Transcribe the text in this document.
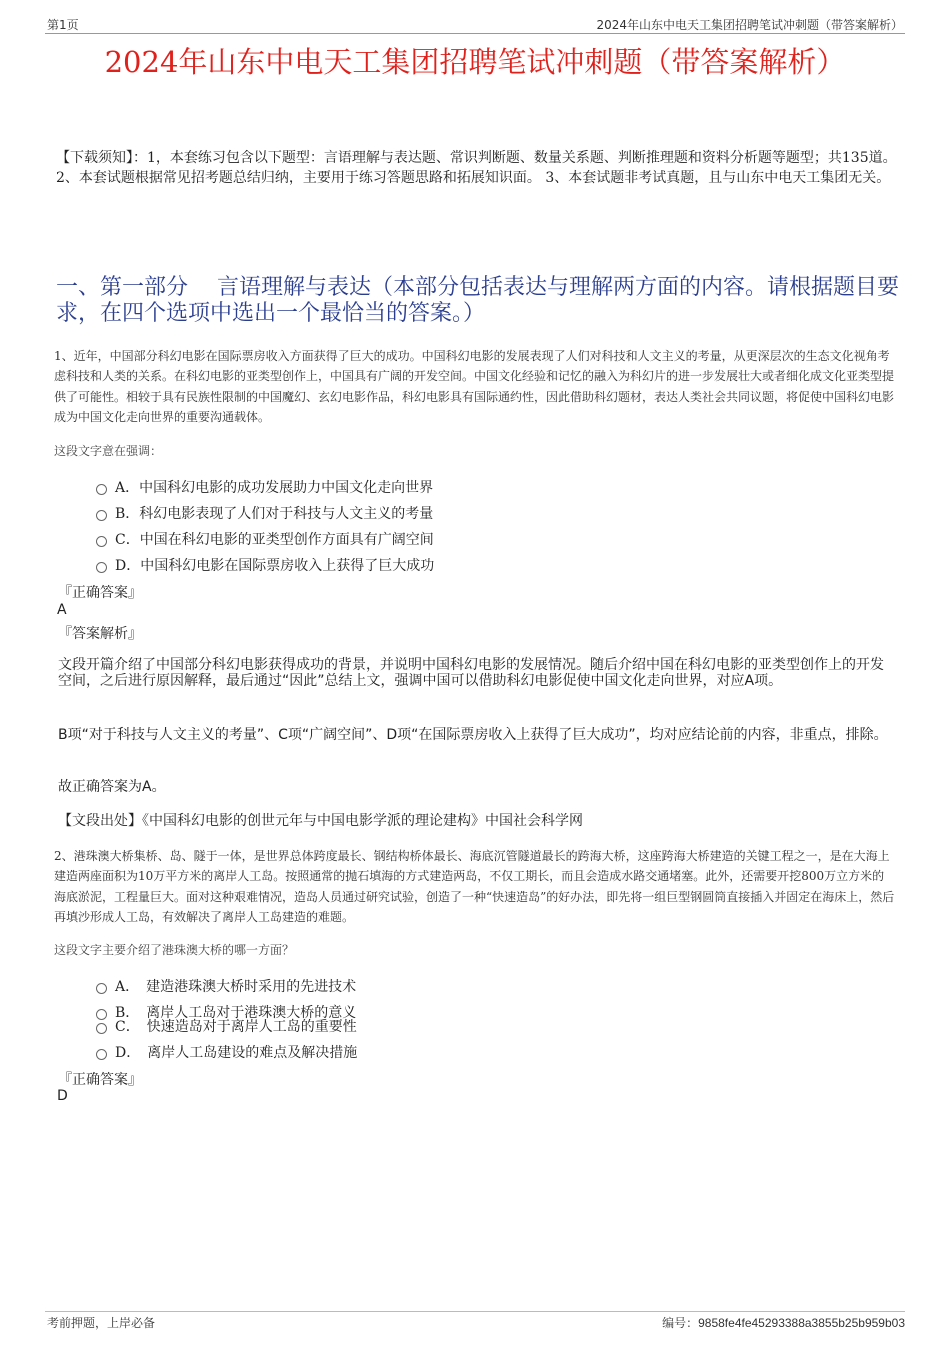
第1页	2024年山东中电天工集团招聘笔试冲刺题（带答案解析）
2024年山东中电天工集团招聘笔试冲刺题（带答案解析）
【下载须知】：1，本套练习包含以下题型：言语理解与表达题、常识判断题、数量关系题、判断推理题和资料分析题等题型；共135道。 2、本套试题根据常见招考题总结归纳，主要用于练习答题思路和拓展知识面。 3、本套试题非考试真题，且与山东中电天工集团无关。
一、第一部分　 言语理解与表达（本部分包括表达与理解两方面的内容。请根据题目要求，在四个选项中选出一个最恰当的答案。）
1、近年，中国部分科幻电影在国际票房收入方面获得了巨大的成功。中国科幻电影的发展表现了人们对科技和人文主义的考量，从更深层次的生态文化视角考虑科技和人类的关系。在科幻电影的亚类型创作上，中国具有广阔的开发空间。中国文化经验和记忆的融入为科幻片的进一步发展壮大或者细化成文化亚类型提供了可能性。相较于具有民族性限制的中国魔幻、玄幻电影作品，科幻电影具有国际通约性，因此借助科幻题材，表达人类社会共同议题，将促使中国科幻电影成为中国文化走向世界的重要沟通载体。
这段文字意在强调：
A．中国科幻电影的成功发展助力中国文化走向世界
B．科幻电影表现了人们对于科技与人文主义的考量
C．中国在科幻电影的亚类型创作方面具有广阔空间
D．中国科幻电影在国际票房收入上获得了巨大成功
『正确答案』
A
『答案解析』
文段开篇介绍了中国部分科幻电影获得成功的背景，并说明中国科幻电影的发展情况。随后介绍中国在科幻电影的亚类型创作上的开发空间，之后进行原因解释，最后通过“因此”总结上文，强调中国可以借助科幻电影促使中国文化走向世界，对应A项。
B项“对于科技与人文主义的考量”、C项“广阔空间”、D项“在国际票房收入上获得了巨大成功”，均对应结论前的内容，非重点，排除。
故正确答案为A。
【文段出处】《中国科幻电影的创世元年与中国电影学派的理论建构》中国社会科学网
2、港珠澳大桥集桥、岛、隧于一体，是世界总体跨度最长、钢结构桥体最长、海底沉管隧道最长的跨海大桥，这座跨海大桥建造的关键工程之一，是在大海上建造两座面积为10万平方米的离岸人工岛。按照通常的抛石填海的方式建造两岛，不仅工期长，而且会造成水路交通堵塞。此外，还需要开挖800万立方米的海底淤泥，工程量巨大。面对这种艰难情况，造岛人员通过研究试验，创造了一种“快速造岛”的好办法，即先将一组巨型钢圆筒直接插入并固定在海床上，然后再填沙形成人工岛，有效解决了离岸人工岛建造的难题。
这段文字主要介绍了港珠澳大桥的哪一方面？
A．　建造港珠澳大桥时采用的先进技术
B．　离岸人工岛对于港珠澳大桥的意义
C．　快速造岛对于离岸人工岛的重要性
D．　离岸人工岛建设的难点及解决措施
『正确答案』
D
考前押题，上岸必备	编号：9858fe4fe45293388a3855b25b959b03
